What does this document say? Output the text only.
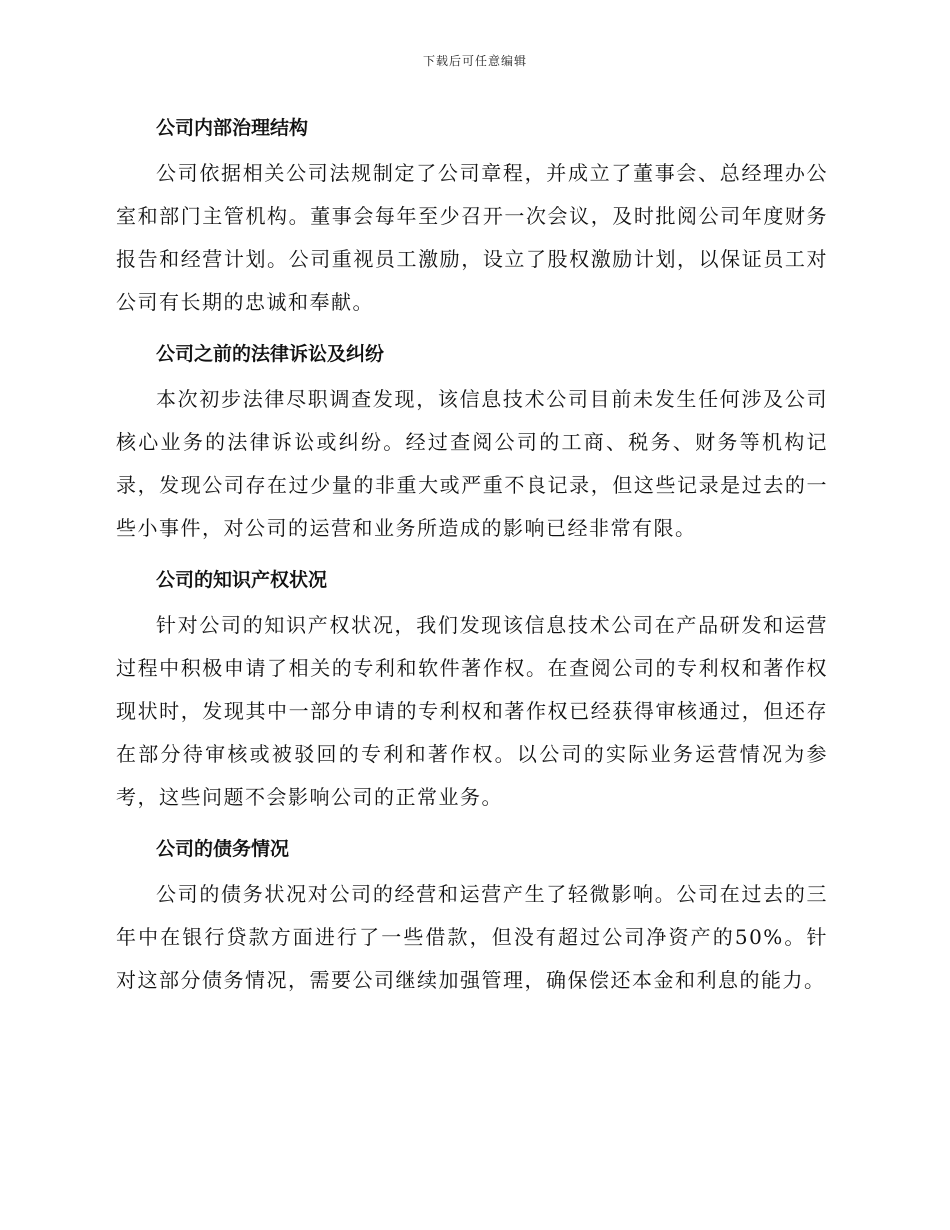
下载后可任意编辑
公司内部治理结构

公司依据相关公司法规制定了公司章程，并成立了董事会、总经理办公室和部门主管机构。董事会每年至少召开一次会议，及时批阅公司年度财务报告和经营计划。公司重视员工激励，设立了股权激励计划，以保证员工对公司有长期的忠诚和奉献。

公司之前的法律诉讼及纠纷

本次初步法律尽职调查发现，该信息技术公司目前未发生任何涉及公司核心业务的法律诉讼或纠纷。经过查阅公司的工商、税务、财务等机构记录，发现公司存在过少量的非重大或严重不良记录，但这些记录是过去的一些小事件，对公司的运营和业务所造成的影响已经非常有限。

公司的知识产权状况

针对公司的知识产权状况，我们发现该信息技术公司在产品研发和运营过程中积极申请了相关的专利和软件著作权。在查阅公司的专利权和著作权现状时，发现其中一部分申请的专利权和著作权已经获得审核通过，但还存在部分待审核或被驳回的专利和著作权。以公司的实际业务运营情况为参考，这些问题不会影响公司的正常业务。

公司的债务情况

公司的债务状况对公司的经营和运营产生了轻微影响。公司在过去的三年中在银行贷款方面进行了一些借款，但没有超过公司净资产的50%。针对这部分债务情况，需要公司继续加强管理，确保偿还本金和利息的能力。
